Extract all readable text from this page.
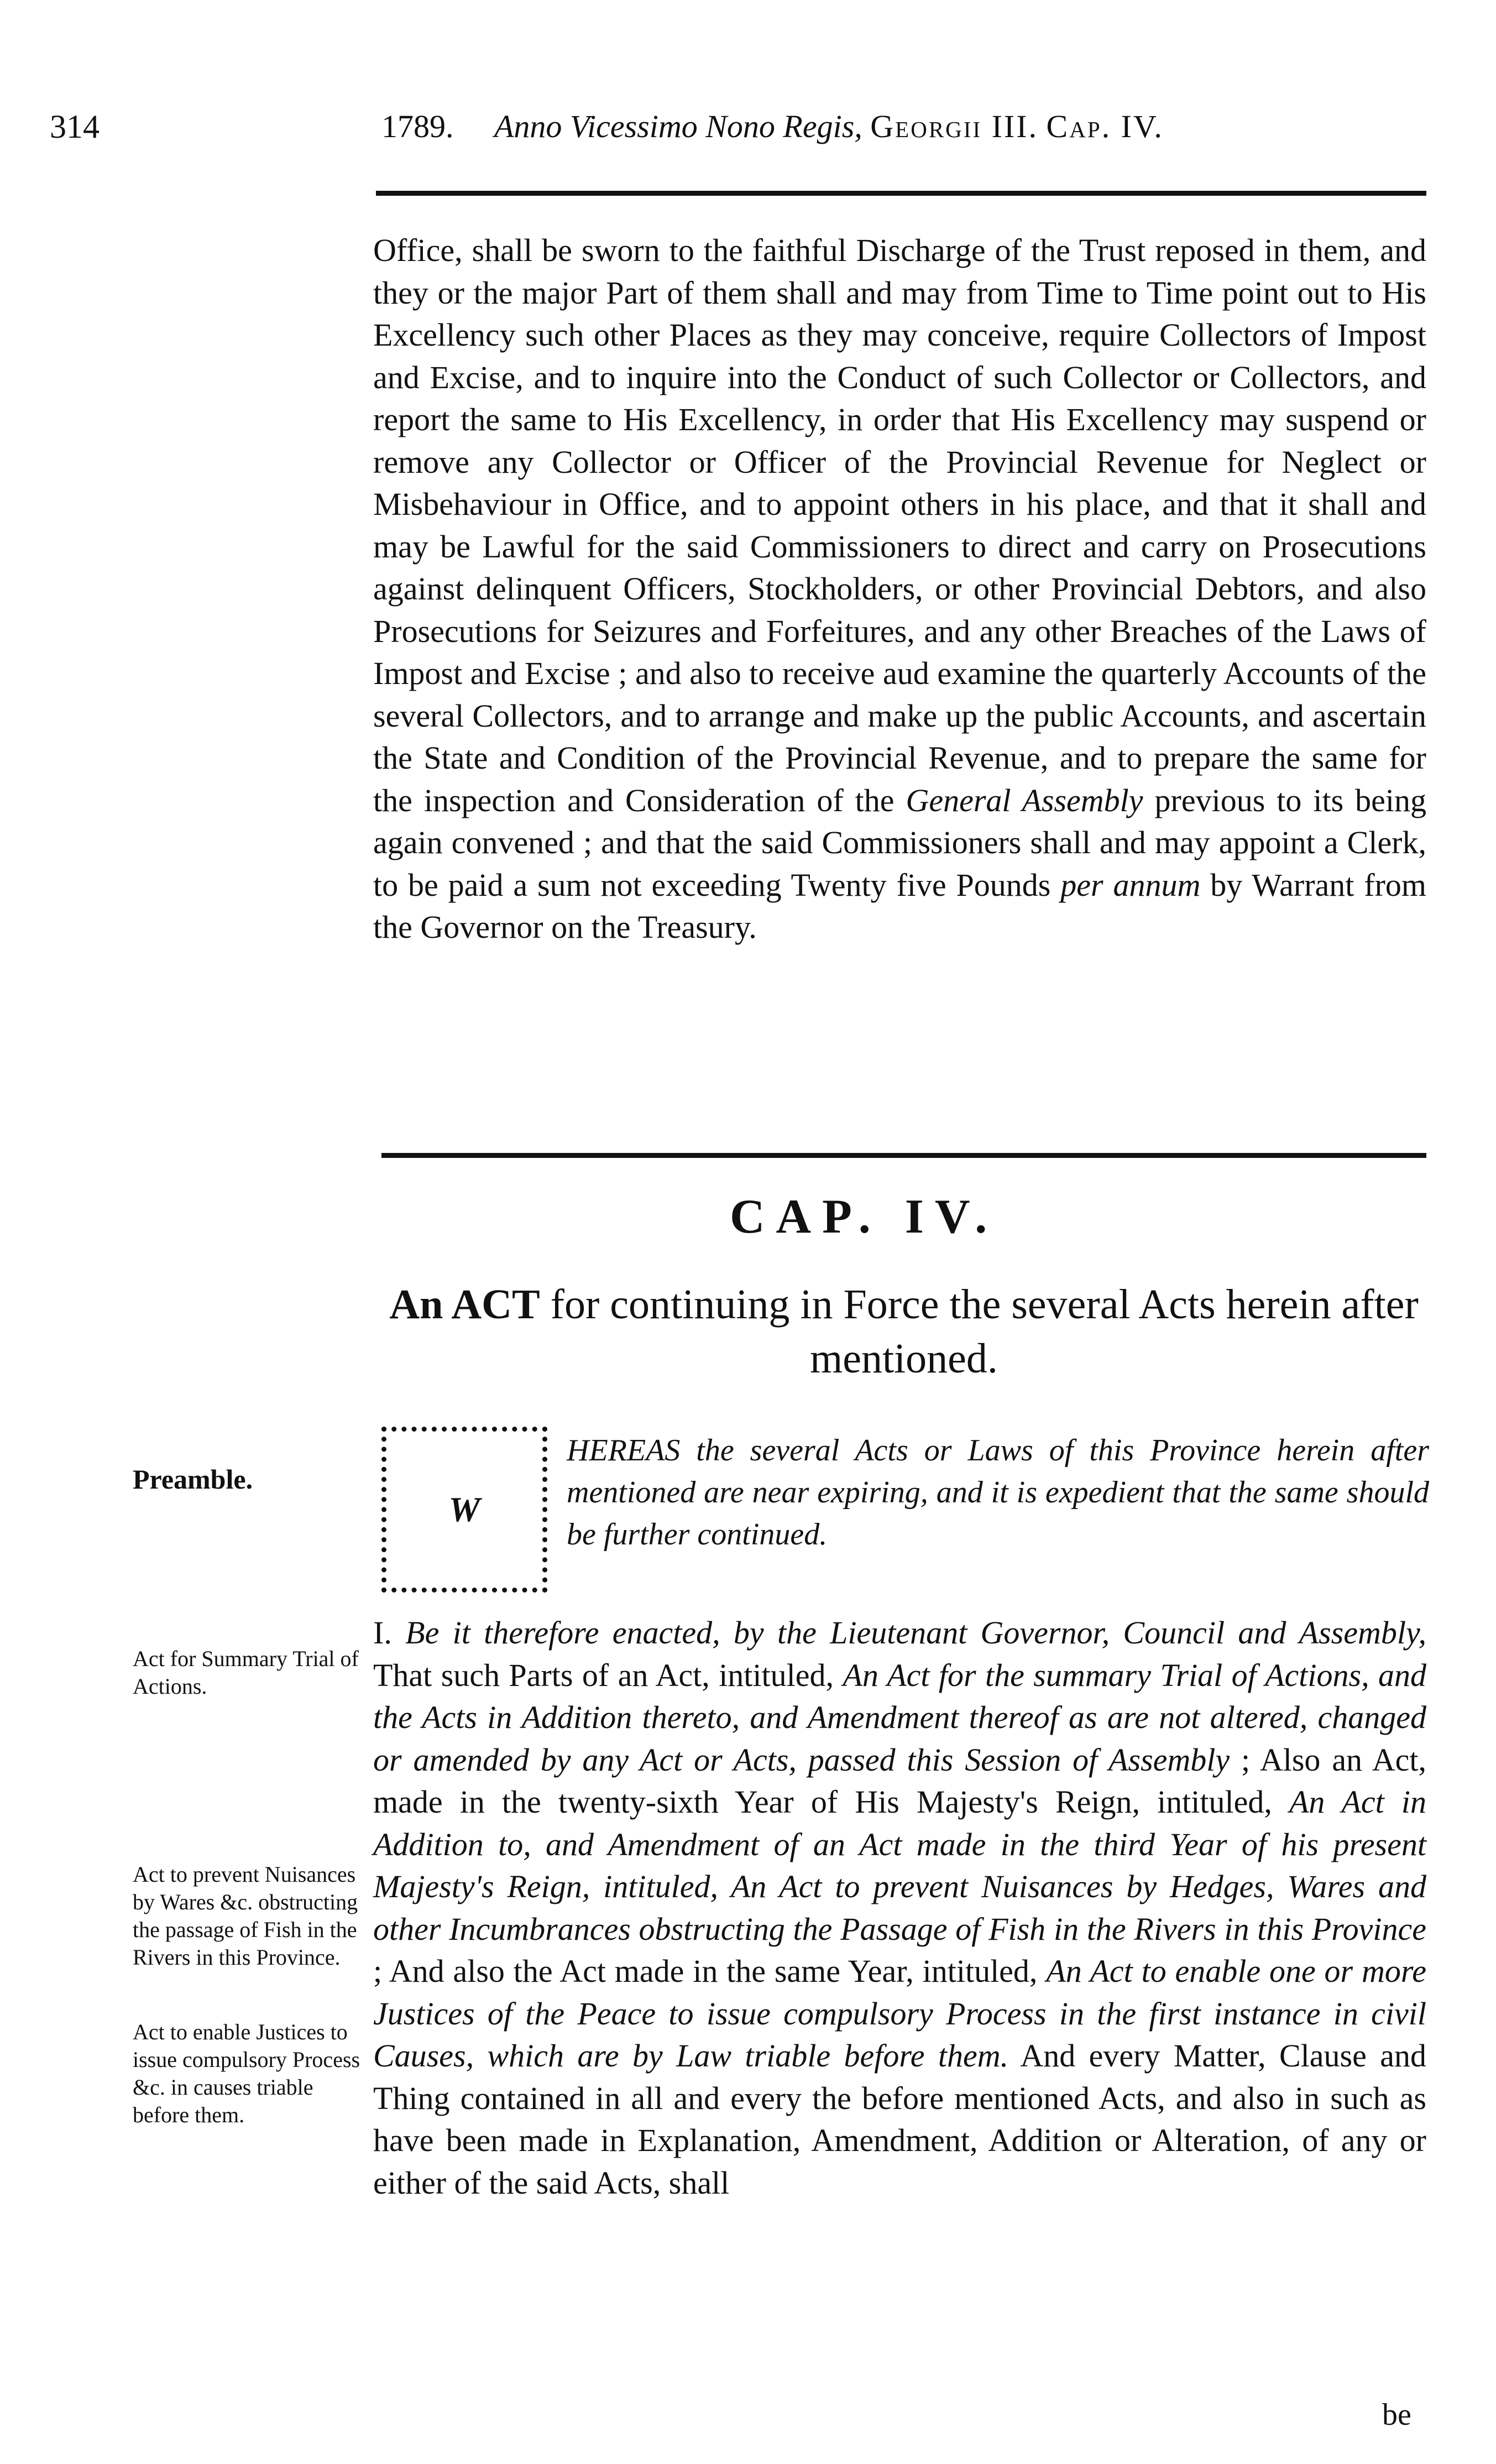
314	1789. Anno Vicessimo Nono Regis, Georgii III. Cap. IV.
Office, shall be sworn to the faithful Discharge of the Trust reposed in them, and they or the major Part of them shall and may from Time to Time point out to His Excellency such other Places as they may conceive, require Collectors of Impost and Excise, and to inquire into the Conduct of such Collector or Collectors, and report the same to His Excellency, in order that His Excellency may suspend or remove any Collector or Officer of the Provincial Revenue for Neglect or Misbehaviour in Office, and to appoint others in his place, and that it shall and may be Lawful for the said Commissioners to direct and carry on Prosecutions against delinquent Officers, Stockholders, or other Provincial Debtors, and also Prosecutions for Seizures and Forfeitures, and any other Breaches of the Laws of Impost and Excise ; and also to receive aud examine the quarterly Accounts of the several Collectors, and to arrange and make up the public Accounts, and ascertain the State and Condition of the Provincial Revenue, and to prepare the same for the inspection and Consideration of the General Assembly previous to its being again convened ; and that the said Commissioners shall and may appoint a Clerk, to be paid a sum not exceeding Twenty five Pounds per annum by Warrant from the Governor on the Treasury.
CAP. IV.
An ACT for continuing in Force the several Acts herein after mentioned.
W
HEREAS the several Acts or Laws of this Province herein after mentioned are near expiring, and it is expedient that the same should be further continued.
I. Be it therefore enacted, by the Lieutenant Governor, Council and Assembly, That such Parts of an Act, intituled, An Act for the summary Trial of Actions, and the Acts in Addition thereto, and Amendment thereof as are not altered, changed or amended by any Act or Acts, passed this Session of Assembly ; Also an Act, made in the twenty-sixth Year of His Majesty's Reign, intituled, An Act in Addition to, and Amendment of an Act made in the third Year of his present Majesty's Reign, intituled, An Act to prevent Nuisances by Hedges, Wares and other Incumbrances obstructing the Passage of Fish in the Rivers in this Province ; And also the Act made in the same Year, intituled, An Act to enable one or more Justices of the Peace to issue compulsory Process in the first instance in civil Causes, which are by Law triable before them. And every Matter, Clause and Thing contained in all and every the before mentioned Acts, and also in such as have been made in Explanation, Amendment, Addition or Alteration, of any or either of the said Acts, shall
Preamble.
Act for Summary Trial of Actions.
Act to prevent Nuisances by Wares &c. obstructing the passage of Fish in the Rivers in this Province.
Act to enable Justices to issue compulsory Process &c. in causes triable before them.
be
